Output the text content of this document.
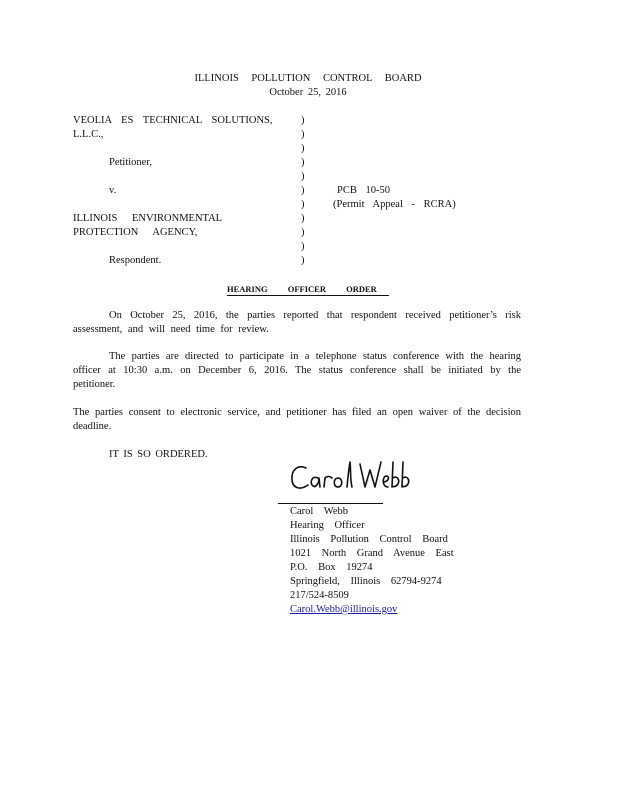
ILLINOIS POLLUTION CONTROL BOARD
October 25, 2016
VEOLIA ES TECHNICAL SOLUTIONS,
L.L.C.,
Petitioner,
v.
ILLINOIS ENVIRONMENTAL
PROTECTION AGENCY,
Respondent.
)
)
)
)
)
)
)
)
)
)
)
PCB 10-50
(Permit Appeal - RCRA)
HEARING OFFICER ORDER
On October 25, 2016, the parties reported that respondent received petitioner’s risk assessment, and will need time for review.
The parties are directed to participate in a telephone status conference with the hearing officer at 10:30 a.m. on December 6, 2016. The status conference shall be initiated by the petitioner.
The parties consent to electronic service, and petitioner has filed an open waiver of the decision deadline.
IT IS SO ORDERED.
Carol Webb
Hearing Officer
Illinois Pollution Control Board
1021 North Grand Avenue East
P.O. Box 19274
Springfield, Illinois 62794-9274
217/524-8509
Carol.Webb@illinois.gov
